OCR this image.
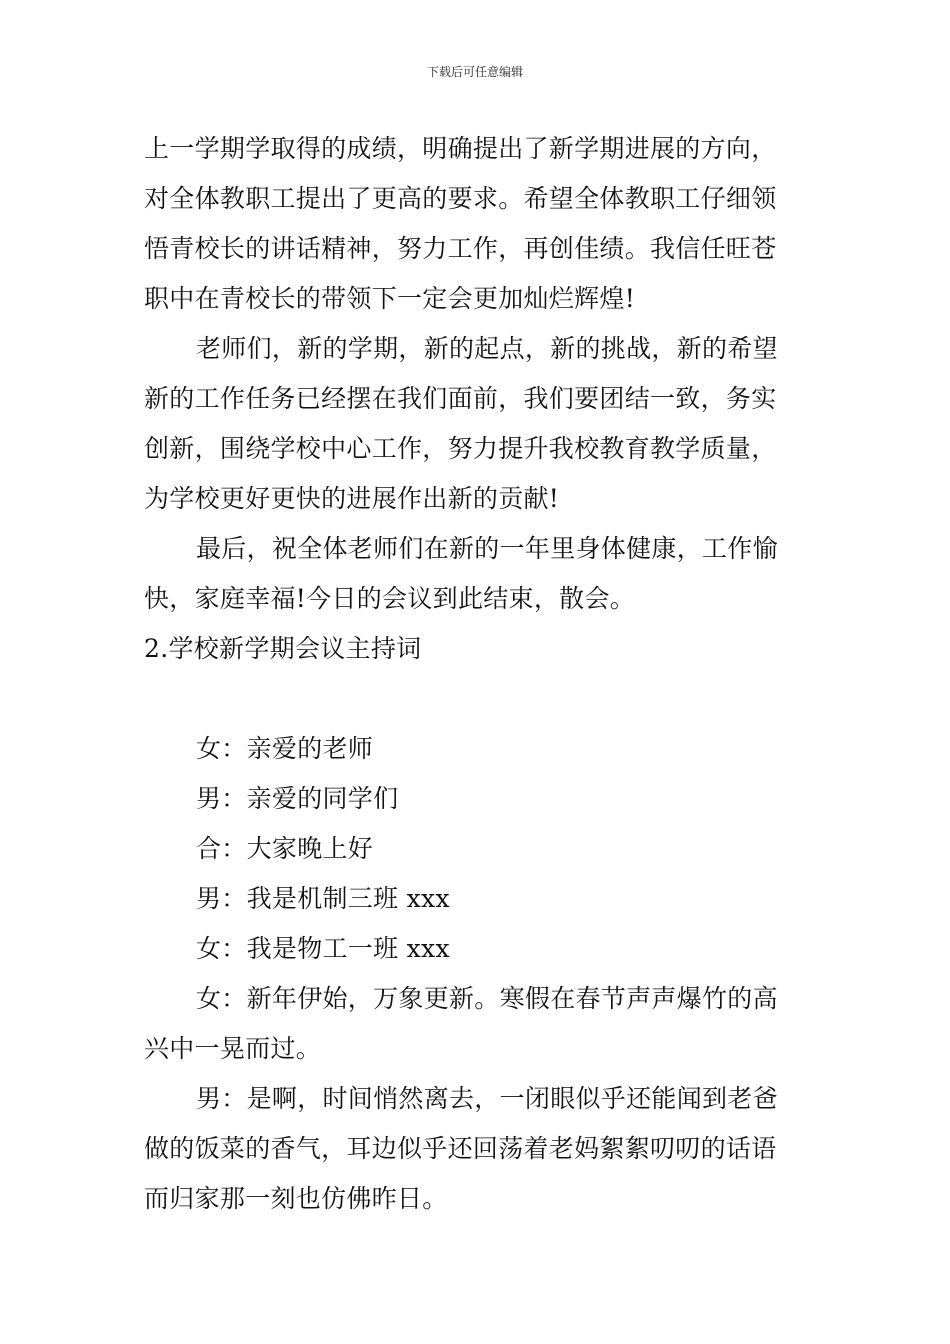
下载后可任意编辑
上一学期学取得的成绩，明确提出了新学期进展的方向，
对全体教职工提出了更高的要求。希望全体教职工仔细领
悟青校长的讲话精神，努力工作，再创佳绩。我信任旺苍
职中在青校长的带领下一定会更加灿烂辉煌!
老师们，新的学期，新的起点，新的挑战，新的希望
新的工作任务已经摆在我们面前，我们要团结一致，务实
创新，围绕学校中心工作，努力提升我校教育教学质量，
为学校更好更快的进展作出新的贡献!
最后，祝全体老师们在新的一年里身体健康，工作愉
快，家庭幸福!今日的会议到此结束，散会。
2.学校新学期会议主持词
女：亲爱的老师
男：亲爱的同学们
合：大家晚上好
男：我是机制三班 xxx
女：我是物工一班 xxx
女：新年伊始，万象更新。寒假在春节声声爆竹的高
兴中一晃而过。
男：是啊，时间悄然离去，一闭眼似乎还能闻到老爸
做的饭菜的香气，耳边似乎还回荡着老妈絮絮叨叨的话语
而归家那一刻也仿佛昨日。
